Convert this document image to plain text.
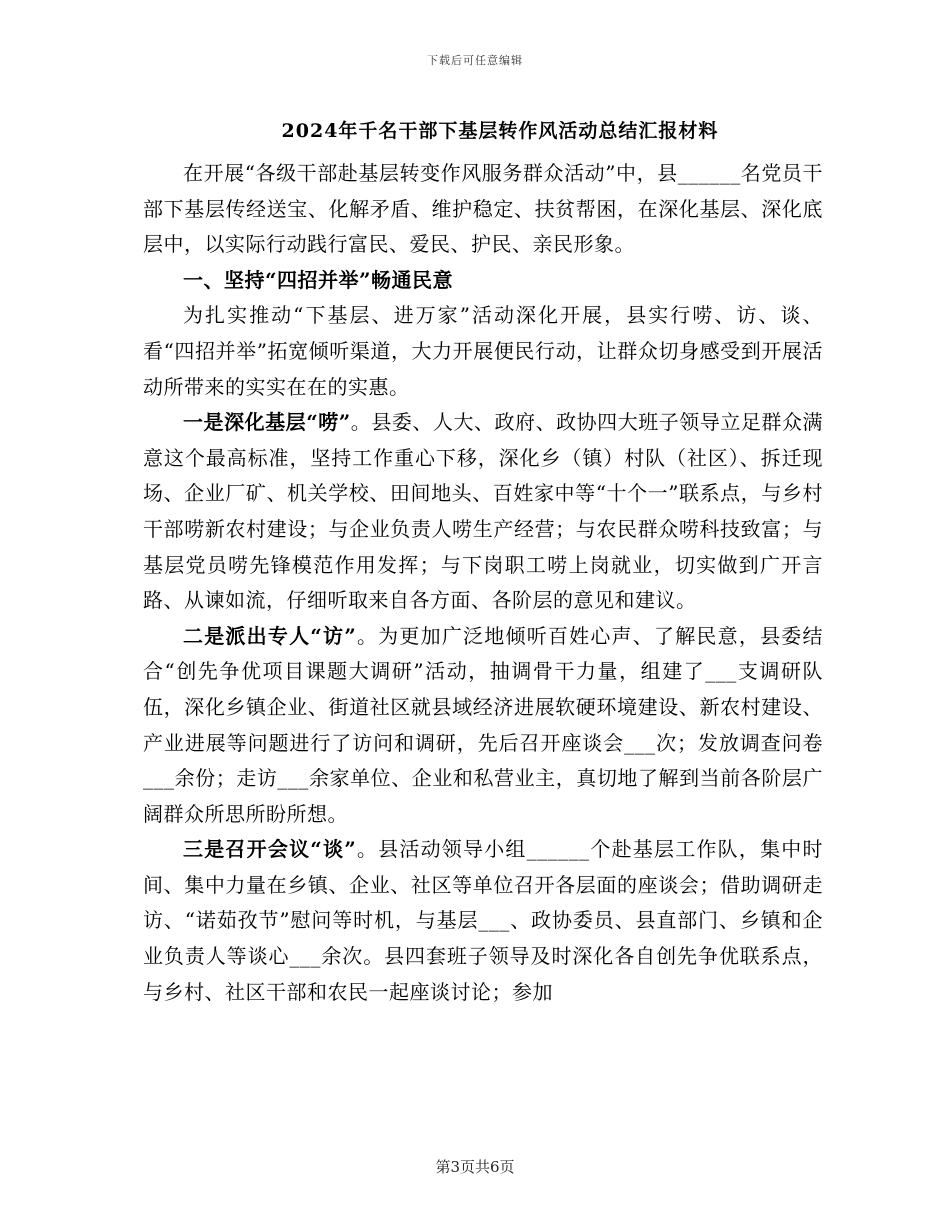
下载后可任意编辑
2024年千名干部下基层转作风活动总结汇报材料

在开展“各级干部赴基层转变作风服务群众活动”中，县______名党员干部下基层传经送宝、化解矛盾、维护稳定、扶贫帮困，在深化基层、深化底层中，以实际行动践行富民、爱民、护民、亲民形象。

一、坚持“四招并举”畅通民意

为扎实推动“下基层、进万家”活动深化开展，县实行唠、访、谈、看“四招并举”拓宽倾听渠道，大力开展便民行动，让群众切身感受到开展活动所带来的实实在在的实惠。

一是深化基层“唠”。县委、人大、政府、政协四大班子领导立足群众满意这个最高标准，坚持工作重心下移，深化乡（镇）村队（社区）、拆迁现场、企业厂矿、机关学校、田间地头、百姓家中等“十个一”联系点，与乡村干部唠新农村建设；与企业负责人唠生产经营；与农民群众唠科技致富；与基层党员唠先锋模范作用发挥；与下岗职工唠上岗就业，切实做到广开言路、从谏如流，仔细听取来自各方面、各阶层的意见和建议。

二是派出专人“访”。为更加广泛地倾听百姓心声、了解民意，县委结合“创先争优项目课题大调研”活动，抽调骨干力量，组建了___支调研队伍，深化乡镇企业、街道社区就县域经济进展软硬环境建设、新农村建设、产业进展等问题进行了访问和调研，先后召开座谈会___次；发放调查问卷___余份；走访___余家单位、企业和私营业主，真切地了解到当前各阶层广阔群众所思所盼所想。

三是召开会议“谈”。县活动领导小组______个赴基层工作队，集中时间、集中力量在乡镇、企业、社区等单位召开各层面的座谈会；借助调研走访、“诺茹孜节”慰问等时机，与基层___、政协委员、县直部门、乡镇和企业负责人等谈心___余次。县四套班子领导及时深化各自创先争优联系点，与乡村、社区干部和农民一起座谈讨论；参加

第3页共6页
